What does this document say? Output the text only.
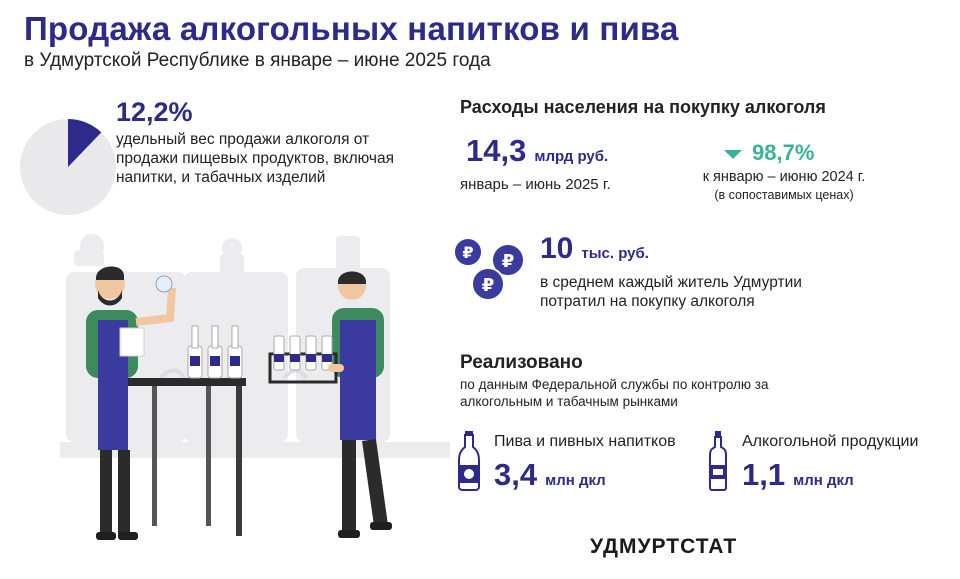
Продажа алкогольных напитков и пива
в Удмуртской Республике в январе – июне 2025 года
12,2%
удельный вес продажи алкоголя от продажи пищевых продуктов, включая напитки, и табачных изделий
Расходы населения на покупку алкоголя
14,3 млрд руб.
январь – июнь 2025 г.
98,7%
к январю – июню 2024 г.
(в сопоставимых ценах)
₽ ₽
₽
10 тыс. руб.
в среднем каждый житель Удмуртии потратил на покупку алкоголя
Реализовано
по данным Федеральной службы по контролю за алкогольным и табачным рынками
Пива и пивных напитков
3,4 млн дкл
Алкогольной продукции
1,1 млн дкл
УДМУРТСТАТ
